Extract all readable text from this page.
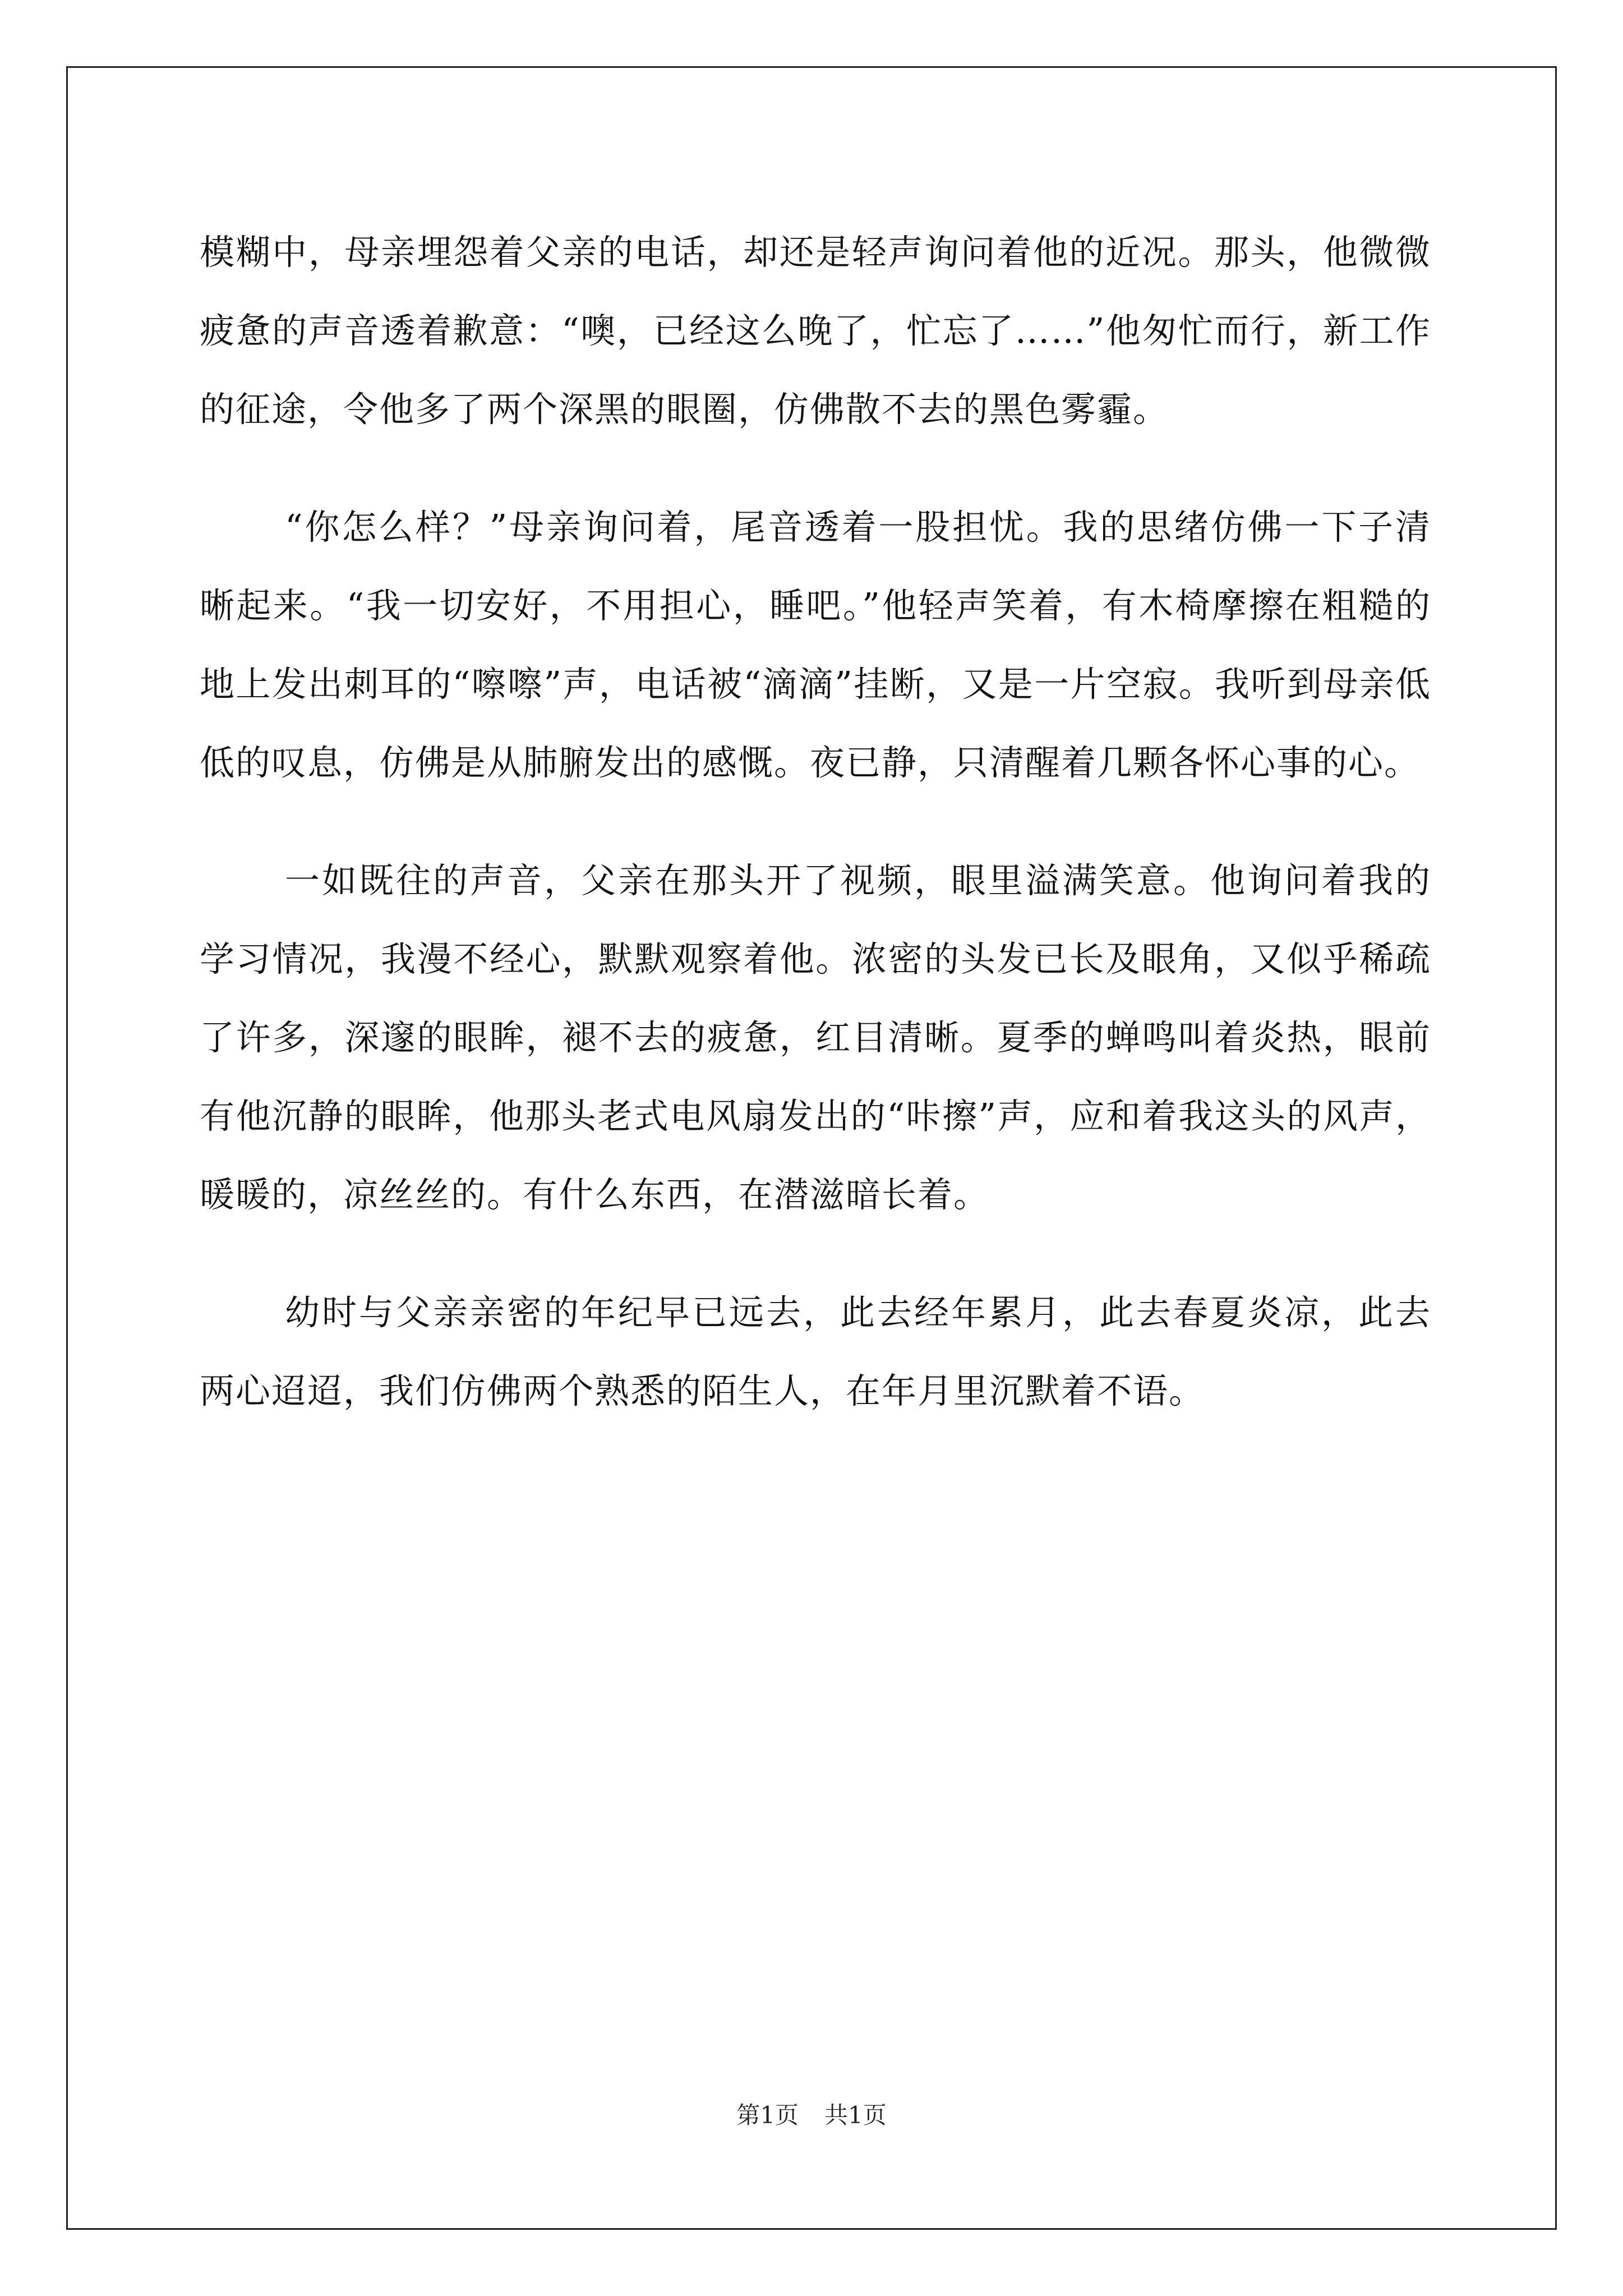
模糊中，母亲埋怨着父亲的电话，却还是轻声询问着他的近况。那头，他微微疲惫的声音透着歉意：“噢，已经这么晚了，忙忘了……”他匆忙而行，新工作的征途，令他多了两个深黑的眼圈，仿佛散不去的黑色雾霾。

“你怎么样？”母亲询问着，尾音透着一股担忧。我的思绪仿佛一下子清晰起来。“我一切安好，不用担心，睡吧。”他轻声笑着，有木椅摩擦在粗糙的地上发出刺耳的“嚓嚓”声，电话被“滴滴”挂断，又是一片空寂。我听到母亲低低的叹息，仿佛是从肺腑发出的感慨。夜已静，只清醒着几颗各怀心事的心。

一如既往的声音，父亲在那头开了视频，眼里溢满笑意。他询问着我的学习情况，我漫不经心，默默观察着他。浓密的头发已长及眼角，又似乎稀疏了许多，深邃的眼眸，褪不去的疲惫，红目清晰。夏季的蝉鸣叫着炎热，眼前有他沉静的眼眸，他那头老式电风扇发出的“咔擦”声，应和着我这头的风声，暖暖的，凉丝丝的。有什么东西，在潜滋暗长着。

幼时与父亲亲密的年纪早已远去，此去经年累月，此去春夏炎凉，此去两心迢迢，我们仿佛两个熟悉的陌生人，在年月里沉默着不语。

第1页 共1页
